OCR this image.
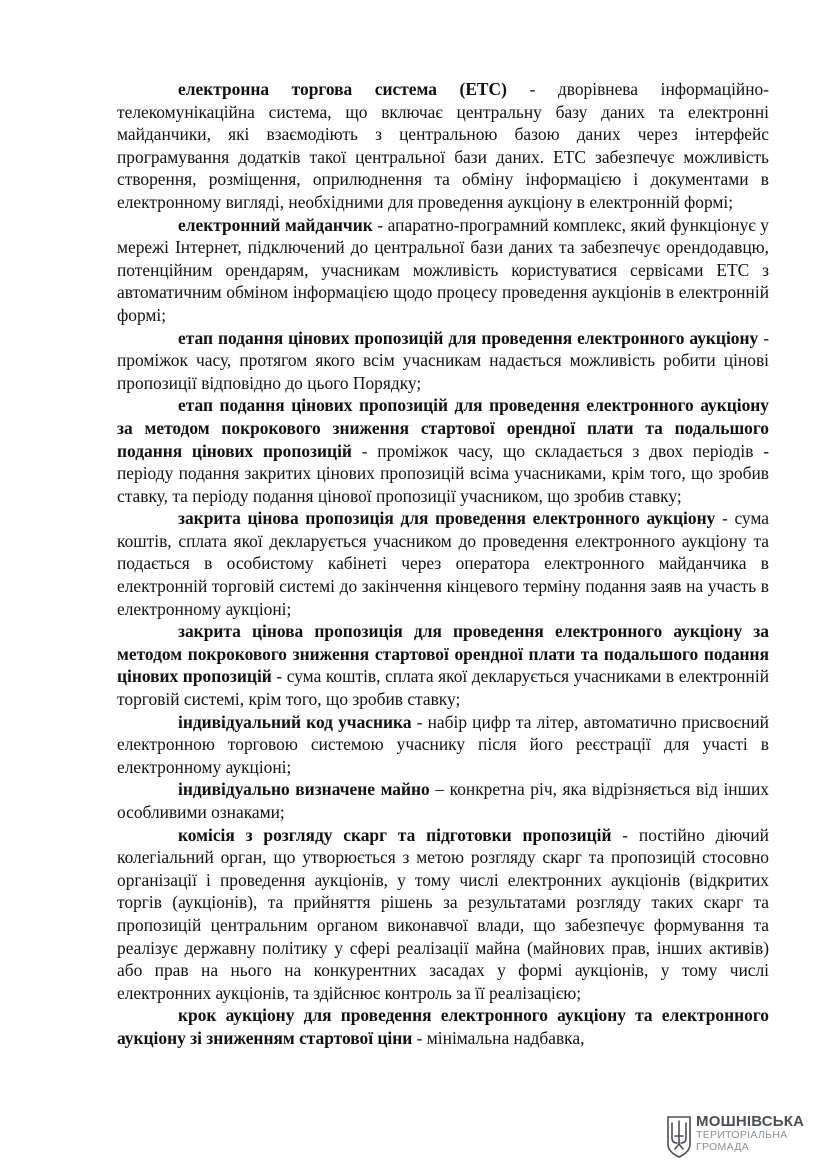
електронна торгова система (ЕТС) - дворівнева інформаційно-телекомунікаційна система, що включає центральну базу даних та електронні майданчики, які взаємодіють з центральною базою даних через інтерфейс програмування додатків такої центральної бази даних. ЕТС забезпечує можливість створення, розміщення, оприлюднення та обміну інформацією і документами в електронному вигляді, необхідними для проведення аукціону в електронній формі;

електронний майданчик - апаратно-програмний комплекс, який функціонує у мережі Інтернет, підключений до центральної бази даних та забезпечує орендодавцю, потенційним орендарям, учасникам можливість користуватися сервісами ЕТС з автоматичним обміном інформацією щодо процесу проведення аукціонів в електронній формі;

етап подання цінових пропозицій для проведення електронного аукціону - проміжок часу, протягом якого всім учасникам надається можливість робити цінові пропозиції відповідно до цього Порядку;

етап подання цінових пропозицій для проведення електронного аукціону за методом покрокового зниження стартової орендної плати та подальшого подання цінових пропозицій - проміжок часу, що складається з двох періодів - періоду подання закритих цінових пропозицій всіма учасниками, крім того, що зробив ставку, та періоду подання цінової пропозиції учасником, що зробив ставку;

закрита цінова пропозиція для проведення електронного аукціону - сума коштів, сплата якої декларується учасником до проведення електронного аукціону та подається в особистому кабінеті через оператора електронного майданчика в електронній торговій системі до закінчення кінцевого терміну подання заяв на участь в електронному аукціоні;

закрита цінова пропозиція для проведення електронного аукціону за методом покрокового зниження стартової орендної плати та подальшого подання цінових пропозицій - сума коштів, сплата якої декларується учасниками в електронній торговій системі, крім того, що зробив ставку;

індивідуальний код учасника - набір цифр та літер, автоматично присвоєний електронною торговою системою учаснику після його реєстрації для участі в електронному аукціоні;

індивідуально визначене майно – конкретна річ, яка відрізняється від інших особливими ознаками;

комісія з розгляду скарг та підготовки пропозицій - постійно діючий колегіальний орган, що утворюється з метою розгляду скарг та пропозицій стосовно організації і проведення аукціонів, у тому числі електронних аукціонів (відкритих торгів (аукціонів), та прийняття рішень за результатами розгляду таких скарг та пропозицій центральним органом виконавчої влади, що забезпечує формування та реалізує державну політику у сфері реалізації майна (майнових прав, інших активів) або прав на нього на конкурентних засадах у формі аукціонів, у тому числі електронних аукціонів, та здійснює контроль за її реалізацією;

крок аукціону для проведення електронного аукціону та електронного аукціону зі зниженням стартової ціни - мінімальна надбавка,

МОШНІВСЬКА
ТЕРИТОРІАЛЬНА
ГРОМАДА
